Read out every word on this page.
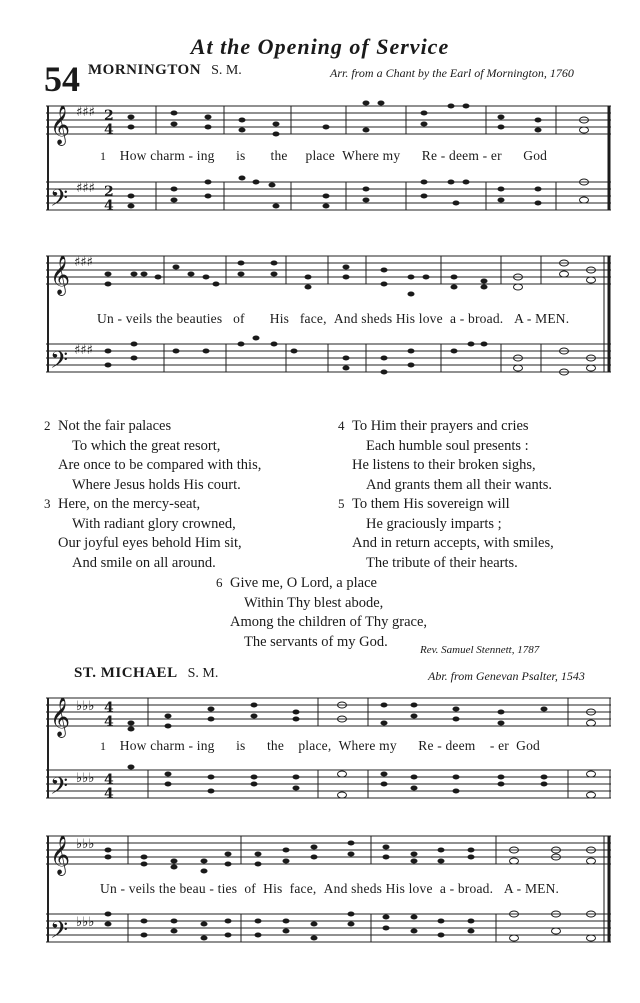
At the Opening of Service
54 MORNINGTON S. M.	Arr. from a Chant by the Earl of Mornington, 1760
𝄞
𝄢
♯♯♯
♯♯♯
2
4
2
4
1 How charm - ing is the place Where my Re - deem - er God
𝄞
𝄢
♯♯♯
♯♯♯
Un - veils the beauties of His face, And sheds His love a - broad. A - MEN.
2 Not the fair palaces
To which the great resort,
Are once to be compared with this,
Where Jesus holds His court.
3 Here, on the mercy-seat,
With radiant glory crowned,
Our joyful eyes behold Him sit,
And smile on all around.
4 To Him their prayers and cries
Each humble soul presents :
He listens to their broken sighs,
And grants them all their wants.
5 To them His sovereign will
He graciously imparts ;
And in return accepts, with smiles,
The tribute of their hearts.
6 Give me, O Lord, a place
Within Thy blest abode,
Among the children of Thy grace,
The servants of my God.
Rev. Samuel Stennett, 1787
ST. MICHAEL S. M.	Abr. from Genevan Psalter, 1543
𝄞
𝄢
♭♭♭
♭♭♭
4
4
4
4
1 How charm - ing is the place, Where my Re - deem - er God
𝄞
𝄢
♭♭♭
♭♭♭
Un - veils the beau - ties of His face, And sheds His love a - broad. A - MEN.
